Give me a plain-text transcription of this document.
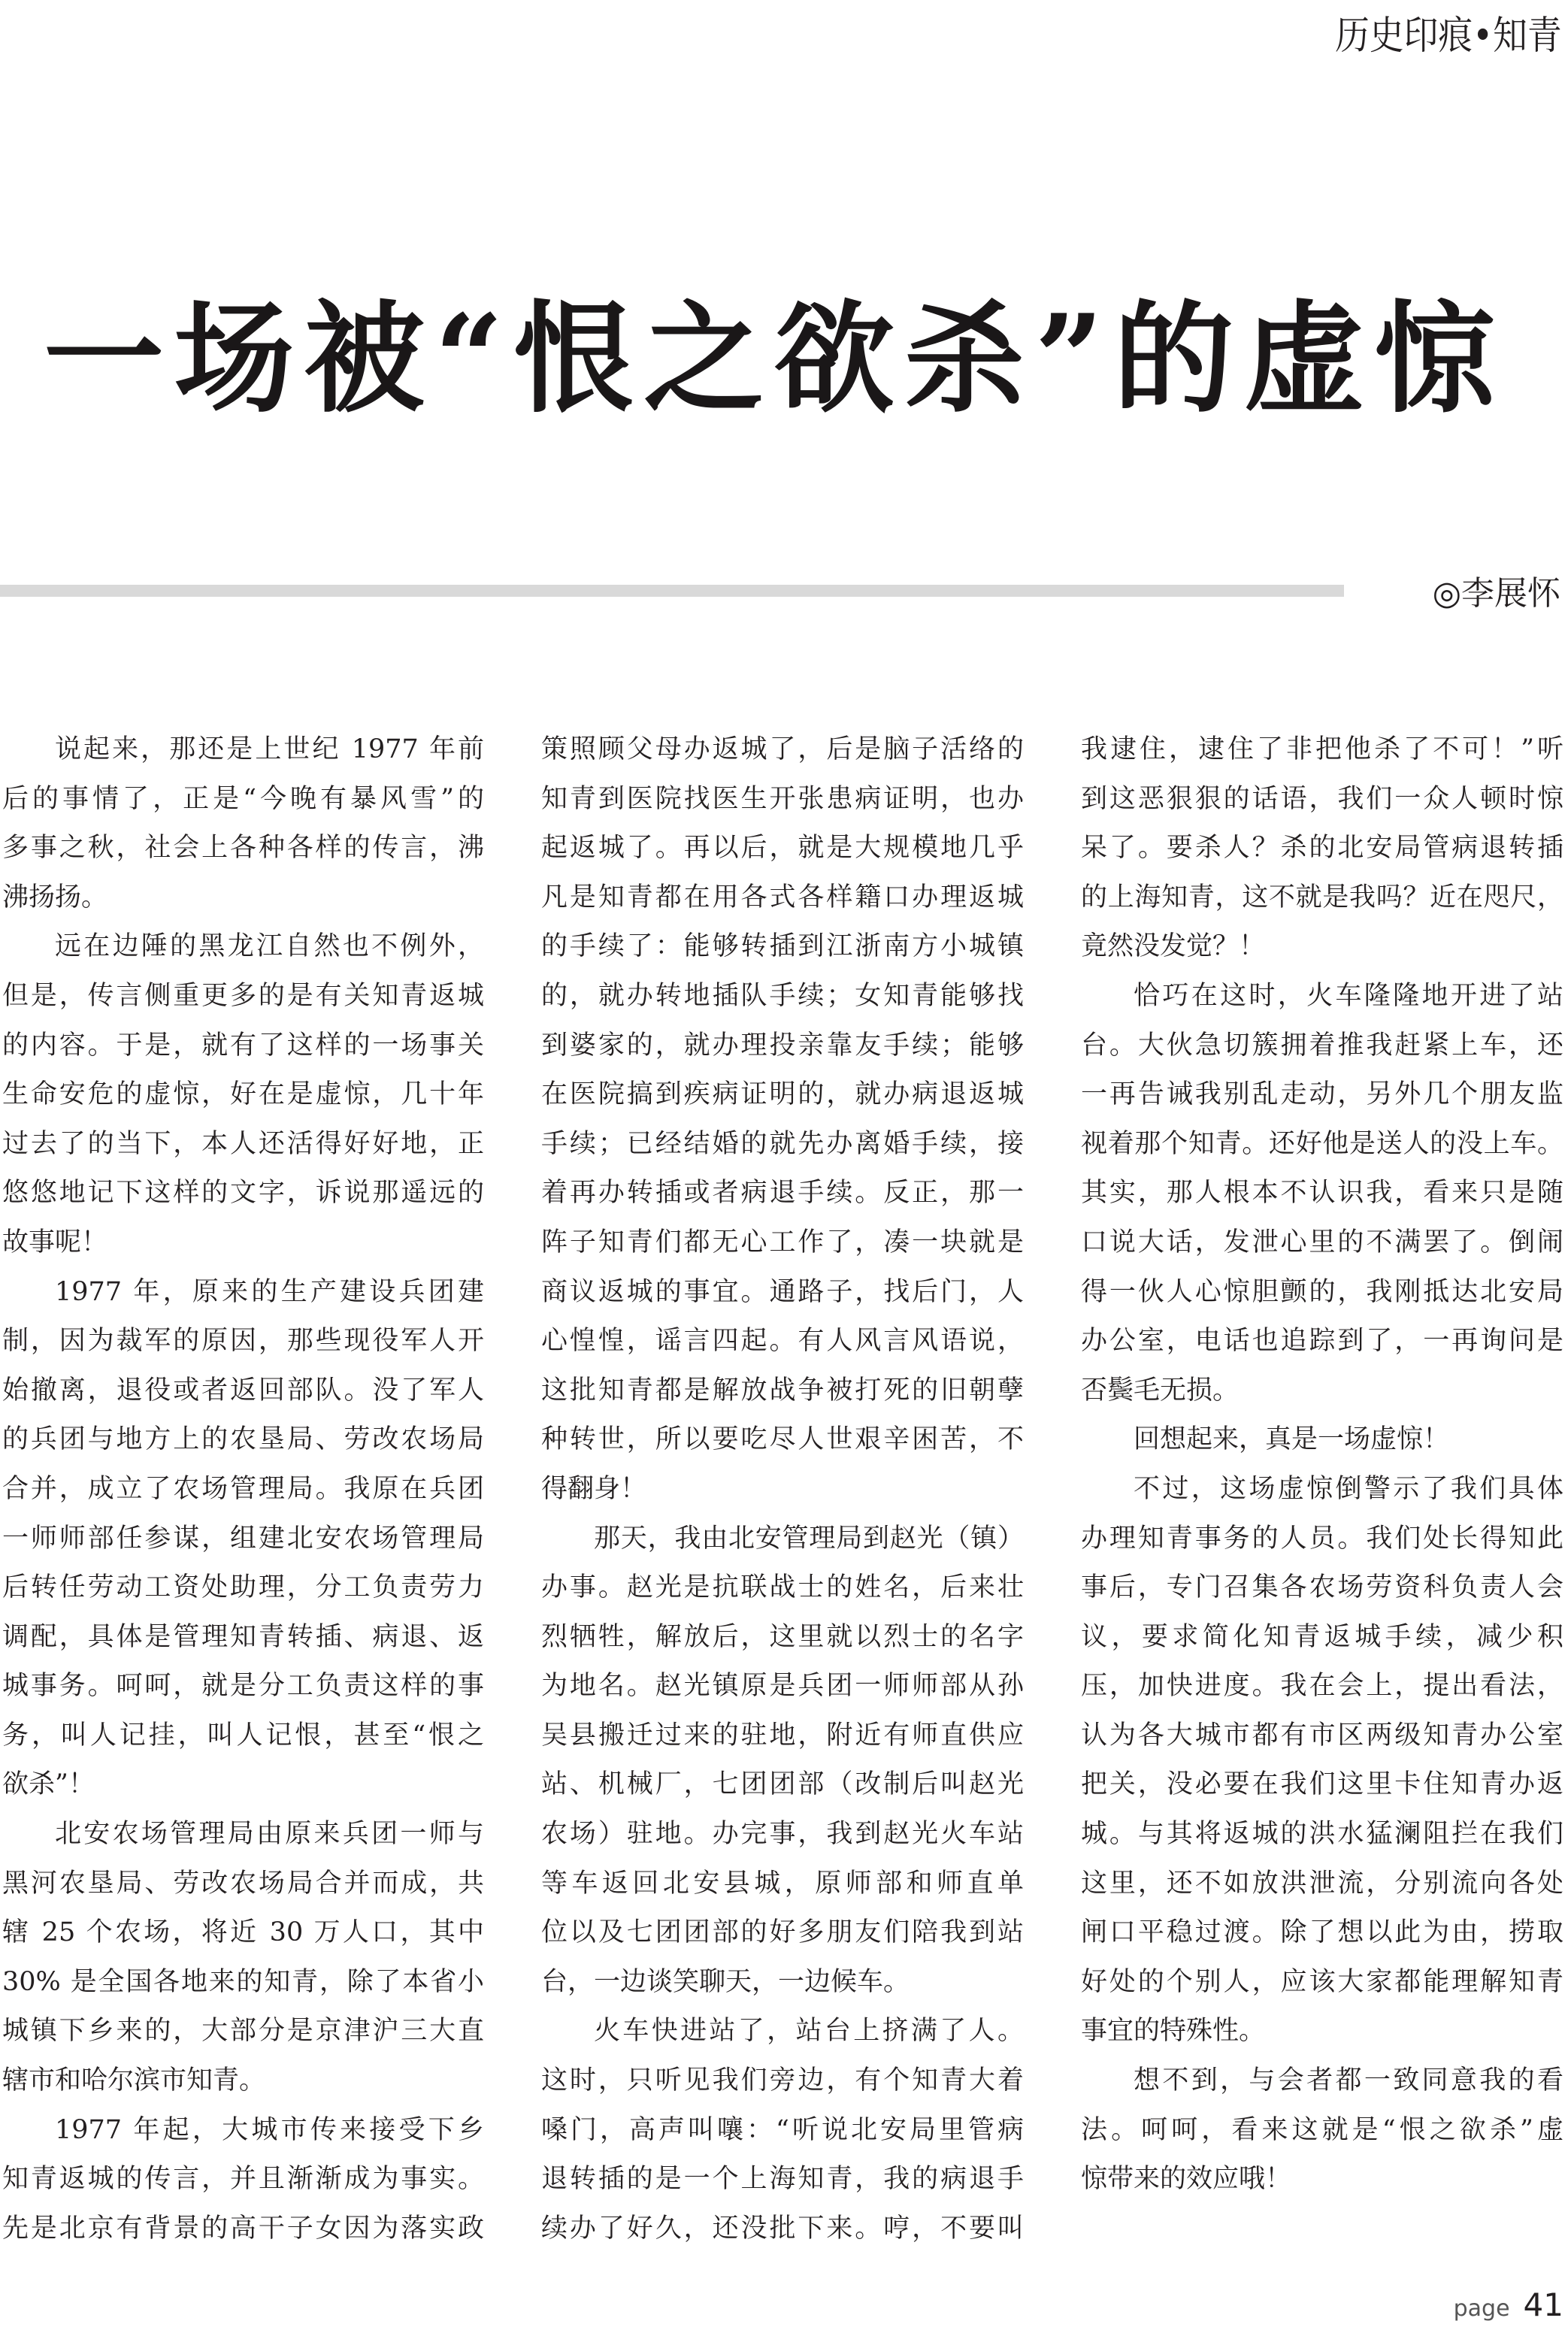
历史印痕•知青
一场被“恨之欲杀”的虚惊
◎李展怀
说起来，那还是上世纪 1977 年前
后的事情了，正是“今晚有暴风雪”的
多事之秋，社会上各种各样的传言，沸
沸扬扬。
远在边陲的黑龙江自然也不例外，
但是，传言侧重更多的是有关知青返城
的内容。于是，就有了这样的一场事关
生命安危的虚惊，好在是虚惊，几十年
过去了的当下，本人还活得好好地，正
悠悠地记下这样的文字，诉说那遥远的
故事呢！
1977 年，原来的生产建设兵团建
制，因为裁军的原因，那些现役军人开
始撤离，退役或者返回部队。没了军人
的兵团与地方上的农垦局、劳改农场局
合并，成立了农场管理局。我原在兵团
一师师部任参谋，组建北安农场管理局
后转任劳动工资处助理，分工负责劳力
调配，具体是管理知青转插、病退、返
城事务。呵呵，就是分工负责这样的事
务，叫人记挂，叫人记恨，甚至“恨之
欲杀”！
北安农场管理局由原来兵团一师与
黑河农垦局、劳改农场局合并而成，共
辖 25 个农场，将近 30 万人口，其中
30% 是全国各地来的知青，除了本省小
城镇下乡来的，大部分是京津沪三大直
辖市和哈尔滨市知青。
1977 年起，大城市传来接受下乡
知青返城的传言，并且渐渐成为事实。
先是北京有背景的高干子女因为落实政
策照顾父母办返城了，后是脑子活络的
知青到医院找医生开张患病证明，也办
起返城了。再以后，就是大规模地几乎
凡是知青都在用各式各样籍口办理返城
的手续了：能够转插到江浙南方小城镇
的，就办转地插队手续；女知青能够找
到婆家的，就办理投亲靠友手续；能够
在医院搞到疾病证明的，就办病退返城
手续；已经结婚的就先办离婚手续，接
着再办转插或者病退手续。反正，那一
阵子知青们都无心工作了，凑一块就是
商议返城的事宜。通路子，找后门，人
心惶惶，谣言四起。有人风言风语说，
这批知青都是解放战争被打死的旧朝孽
种转世，所以要吃尽人世艰辛困苦，不
得翻身！
那天，我由北安管理局到赵光（镇）
办事。赵光是抗联战士的姓名，后来壮
烈牺牲，解放后，这里就以烈士的名字
为地名。赵光镇原是兵团一师师部从孙
吴县搬迁过来的驻地，附近有师直供应
站、机械厂，七团团部（改制后叫赵光
农场）驻地。办完事，我到赵光火车站
等车返回北安县城，原师部和师直单
位以及七团团部的好多朋友们陪我到站
台，一边谈笑聊天，一边候车。
火车快进站了，站台上挤满了人。
这时，只听见我们旁边，有个知青大着
嗓门，高声叫嚷：“听说北安局里管病
退转插的是一个上海知青，我的病退手
续办了好久，还没批下来。哼，不要叫
我逮住，逮住了非把他杀了不可！”听
到这恶狠狠的话语，我们一众人顿时惊
呆了。要杀人？杀的北安局管病退转插
的上海知青，这不就是我吗？近在咫尺，
竟然没发觉？！
恰巧在这时，火车隆隆地开进了站
台。大伙急切簇拥着推我赶紧上车，还
一再告诫我别乱走动，另外几个朋友监
视着那个知青。还好他是送人的没上车。
其实，那人根本不认识我，看来只是随
口说大话，发泄心里的不满罢了。倒闹
得一伙人心惊胆颤的，我刚抵达北安局
办公室，电话也追踪到了，一再询问是
否鬓毛无损。
回想起来，真是一场虚惊！
不过，这场虚惊倒警示了我们具体
办理知青事务的人员。我们处长得知此
事后，专门召集各农场劳资科负责人会
议，要求简化知青返城手续，减少积
压，加快进度。我在会上，提出看法，
认为各大城市都有市区两级知青办公室
把关，没必要在我们这里卡住知青办返
城。与其将返城的洪水猛澜阻拦在我们
这里，还不如放洪泄流，分别流向各处
闸口平稳过渡。除了想以此为由，捞取
好处的个别人，应该大家都能理解知青
事宜的特殊性。
想不到，与会者都一致同意我的看
法。呵呵，看来这就是“恨之欲杀”虚
惊带来的效应哦！
page 41
